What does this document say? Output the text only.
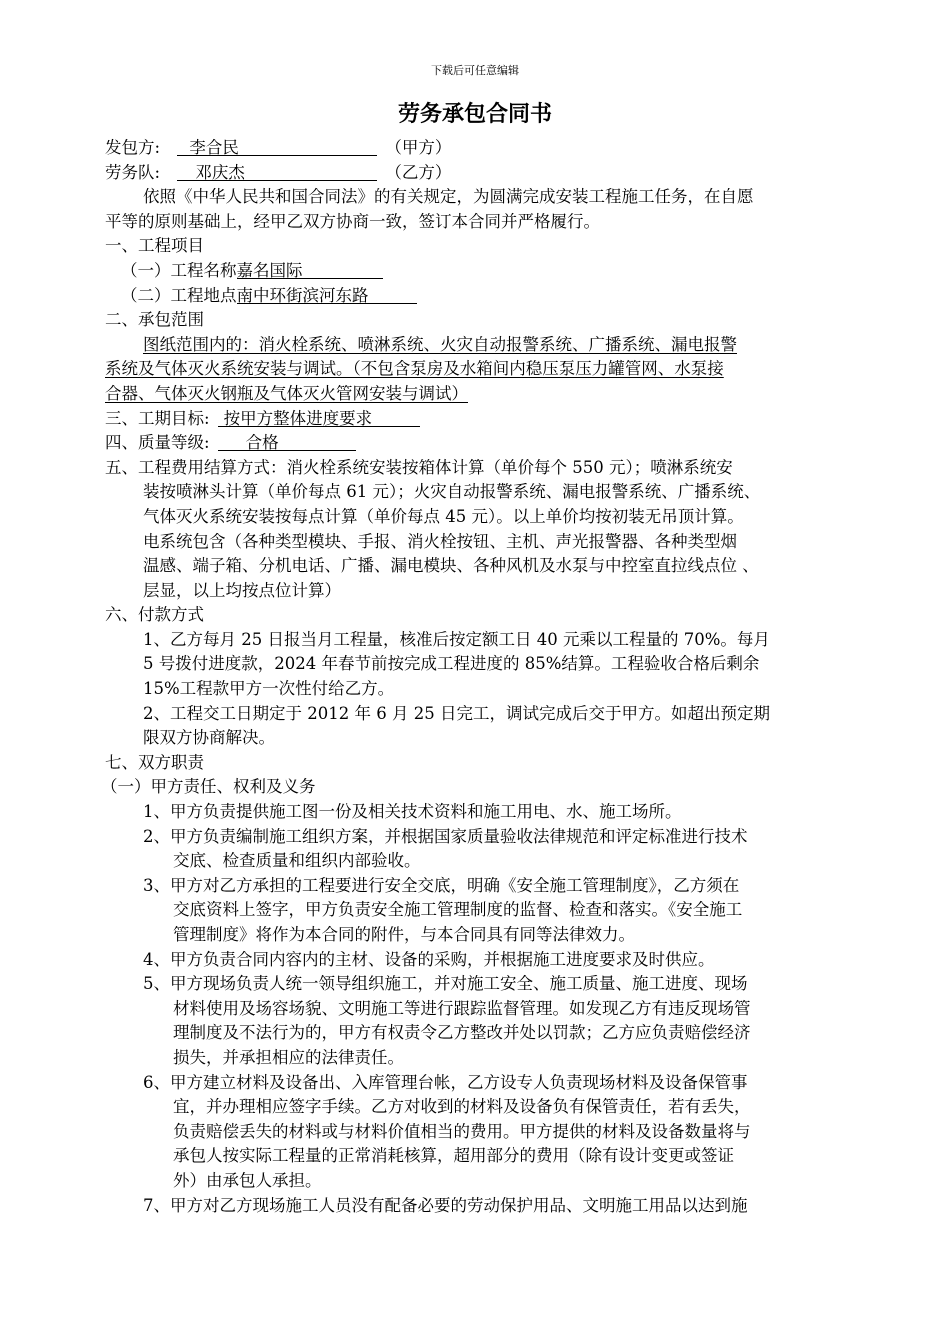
下载后可任意编辑
劳务承包合同书
发包方: 李合民	（甲方）
劳务队: 邓庆杰	（乙方）
依照《中华人民共和国合同法》的有关规定，为圆满完成安装工程施工任务，在自愿
平等的原则基础上，经甲乙双方协商一致，签订本合同并严格履行。
一、工程项目
（一）工程名称嘉名国际
（二）工程地点南中环街滨河东路
二、承包范围
图纸范围内的：消火栓系统、喷淋系统、火灾自动报警系统、广播系统、漏电报警
系统及气体灭火系统安装与调试。（不包含泵房及水箱间内稳压泵压力罐管网、水泵接
合器、气体灭火钢瓶及气体灭火管网安装与调试）
三、工期目标: 按甲方整体进度要求
四、质量等级: 合格
五、工程费用结算方式：消火栓系统安装按箱体计算（单价每个 550 元）；喷淋系统安
装按喷淋头计算（单价每点 61 元）；火灾自动报警系统、漏电报警系统、广播系统、
气体灭火系统安装按每点计算（单价每点 45 元）。以上单价均按初装无吊顶计算。
电系统包含（各种类型模块、手报、消火栓按钮、主机、声光报警器、各种类型烟
温感、端子箱、分机电话、广播、漏电模块、各种风机及水泵与中控室直拉线点位 、
层显，以上均按点位计算）
六、付款方式
1、乙方每月 25 日报当月工程量，核准后按定额工日 40 元乘以工程量的 70%。每月
5 号拨付进度款，2024 年春节前按完成工程进度的 85%结算。工程验收合格后剩余
15%工程款甲方一次性付给乙方。
2、工程交工日期定于 2012 年 6 月 25 日完工，调试完成后交于甲方。如超出预定期
限双方协商解决。
七、双方职责
（一）甲方责任、权利及义务
1、甲方负责提供施工图一份及相关技术资料和施工用电、水、施工场所。
2、甲方负责编制施工组织方案，并根据国家质量验收法律规范和评定标准进行技术
交底、检查质量和组织内部验收。
3、甲方对乙方承担的工程要进行安全交底，明确《安全施工管理制度》，乙方须在
交底资料上签字，甲方负责安全施工管理制度的监督、检查和落实。《安全施工
管理制度》将作为本合同的附件，与本合同具有同等法律效力。
4、甲方负责合同内容内的主材、设备的采购，并根据施工进度要求及时供应。
5、甲方现场负责人统一领导组织施工，并对施工安全、施工质量、施工进度、现场
材料使用及场容场貌、文明施工等进行跟踪监督管理。如发现乙方有违反现场管
理制度及不法行为的，甲方有权责令乙方整改并处以罚款；乙方应负责赔偿经济
损失，并承担相应的法律责任。
6、甲方建立材料及设备出、入库管理台帐，乙方设专人负责现场材料及设备保管事
宜，并办理相应签字手续。乙方对收到的材料及设备负有保管责任，若有丢失，
负责赔偿丢失的材料或与材料价值相当的费用。甲方提供的材料及设备数量将与
承包人按实际工程量的正常消耗核算，超用部分的费用（除有设计变更或签证
外）由承包人承担。
7、甲方对乙方现场施工人员没有配备必要的劳动保护用品、文明施工用品以达到施
